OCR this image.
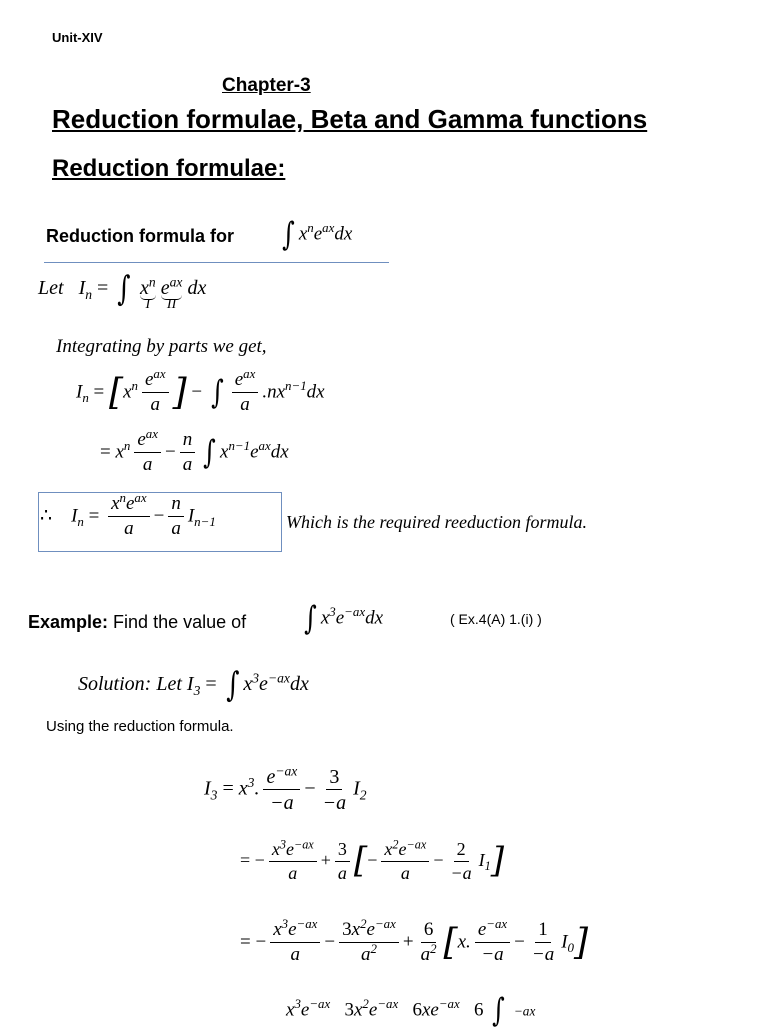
Unit-XIV
Chapter-3
Reduction formulae, Beta and Gamma functions
Reduction formulae:
Reduction formula for ∫ $x^ne^{ax}dx$
Let   $I_n$ = ∫ $x^n$
I
$e^{ax}$
II
dx
Integrating by parts we get,
$I_n = [x^n \frac{e^{ax}}{a}$ ] − ∫ $\frac{e^{ax}}{a} .nx^{n-1}dx$
= $x^n \frac{e^{ax}}{a} - \frac{n}{a}$ ∫ $x^{n-1}e^{ax}dx$
∴    $I_n = \frac{x^ne^{ax}}{a} - \frac{n}{a} I_{n-1}$	Which is the required reeduction formula.
Example: Find the value of ∫ $x^3e^{-ax}dx$	( Ex.4(A) 1.(i) )
Solution: Let $I_3$ = ∫ $x^3e^{-ax}dx$
Using the reduction formula.
$I_3 = x^3$. $\frac{e^{-ax}}{-a} - \frac{3}{-a} I_2$
= − $\frac{x^3e^{-ax}}{a} + \frac{3}{a}$ [− $\frac{x^2e^{-ax}}{a} - \frac{2}{-a} I_1$]
= − $\frac{x^3e^{-ax}}{a} - \frac{3x^2e^{-ax}}{a^2} + \frac{6}{a^2} [x$. $\frac{e^{-ax}}{-a} - \frac{1}{-a} I_0$]
$x^3e^{-ax}$ $3x^2e^{-ax}$ $6xe^{-ax}$ 6 ∫ −ax
